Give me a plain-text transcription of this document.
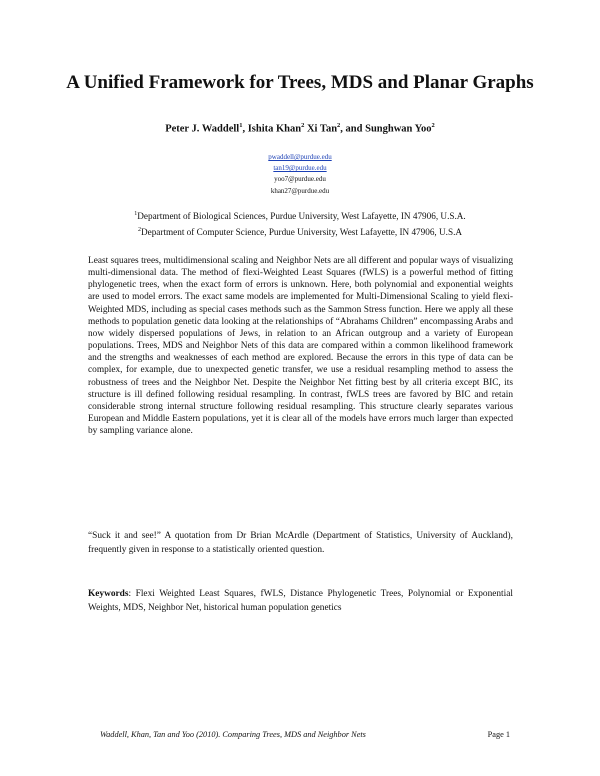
A Unified Framework for Trees, MDS and Planar Graphs
Peter J. Waddell$^1$, Ishita Khan$^2$ Xi Tan$^2$, and Sunghwan Yoo$^2$
pwaddell@purdue.edu
tan19@purdue.edu
yoo7@purdue.edu
khan27@purdue.edu
$^1$Department of Biological Sciences, Purdue University, West Lafayette, IN 47906, U.S.A.
$^2$Department of Computer Science, Purdue University, West Lafayette, IN 47906, U.S.A
Least squares trees, multidimensional scaling and Neighbor Nets are all different and popular ways of visualizing multi-dimensional data. The method of flexi-Weighted Least Squares (fWLS) is a powerful method of fitting phylogenetic trees, when the exact form of errors is unknown. Here, both polynomial and exponential weights are used to model errors. The exact same models are implemented for Multi-Dimensional Scaling to yield flexi-Weighted MDS, including as special cases methods such as the Sammon Stress function. Here we apply all these methods to population genetic data looking at the relationships of “Abrahams Children” encompassing Arabs and now widely dispersed populations of Jews, in relation to an African outgroup and a variety of European populations. Trees, MDS and Neighbor Nets of this data are compared within a common likelihood framework and the strengths and weaknesses of each method are explored. Because the errors in this type of data can be complex, for example, due to unexpected genetic transfer, we use a residual resampling method to assess the robustness of trees and the Neighbor Net. Despite the Neighbor Net fitting best by all criteria except BIC, its structure is ill defined following residual resampling. In contrast, fWLS trees are favored by BIC and retain considerable strong internal structure following residual resampling. This structure clearly separates various European and Middle Eastern populations, yet it is clear all of the models have errors much larger than expected by sampling variance alone.
“Suck it and see!” A quotation from Dr Brian McArdle (Department of Statistics, University of Auckland), frequently given in response to a statistically oriented question.
Keywords: Flexi Weighted Least Squares, fWLS, Distance Phylogenetic Trees, Polynomial or Exponential Weights, MDS, Neighbor Net, historical human population genetics
Waddell, Khan, Tan and Yoo (2010). Comparing Trees, MDS and Neighbor Nets	Page 1
